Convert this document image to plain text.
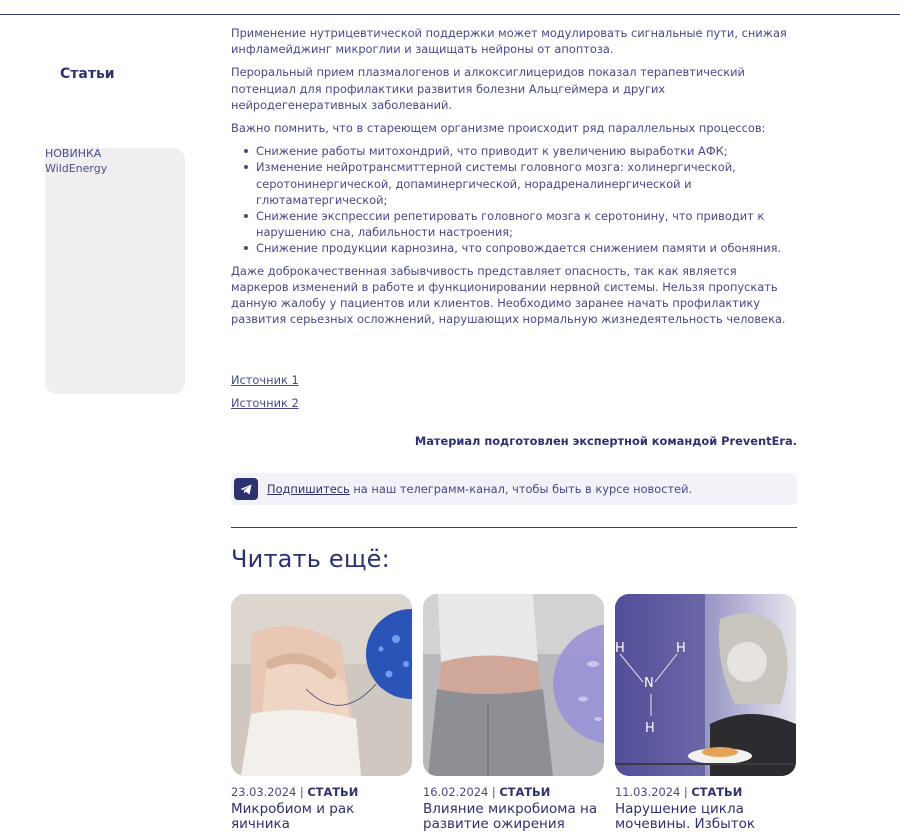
Статьи
НОВИНКА
WildEnergy

Применение нутрицевтической поддержки может модулировать сигнальные пути, снижая инфламейджинг микроглии и защищать нейроны от апоптоза.

Пероральный прием плазмалогенов и алкоксиглицеридов показал терапевтический потенциал для профилактики развития болезни Альцгеймера и других нейродегенеративных заболеваний.

Важно помнить, что в стареющем организме происходит ряд параллельных процессов:

Снижение работы митохондрий, что приводит к увеличению выработки АФК;
Изменение нейротрансмиттерной системы головного мозга: холинергической, серотонинергической, допаминергической, норадреналинергической и глютаматергической;
Снижение экспрессии репетировать головного мозга к серотонину, что приводит к нарушению сна, лабильности настроения;
Снижение продукции карнозина, что сопровождается снижением памяти и обоняния.

Даже доброкачественная забывчивость представляет опасность, так как является маркеров изменений в работе и функционировании нервной системы. Нельзя пропускать данную жалобу у пациентов или клиентов. Необходимо заранее начать профилактику развития серьезных осложнений, нарушающих нормальную жизнедеятельность человека.

Источник 1
Источник 2
Материал подготовлен экспертной командой PreventEra.
Подпишитесь на наш телеграмм-канал, чтобы быть в курсе новостей.
Читать ещё:
23.03.2024 | СТАТЬИ
Микробиом и рак яичника
16.02.2024 | СТАТЬИ
Влияние микробиома на развитие ожирения
H	H
N
H
11.03.2024 | СТАТЬИ
Нарушение цикла мочевины. Избыток
